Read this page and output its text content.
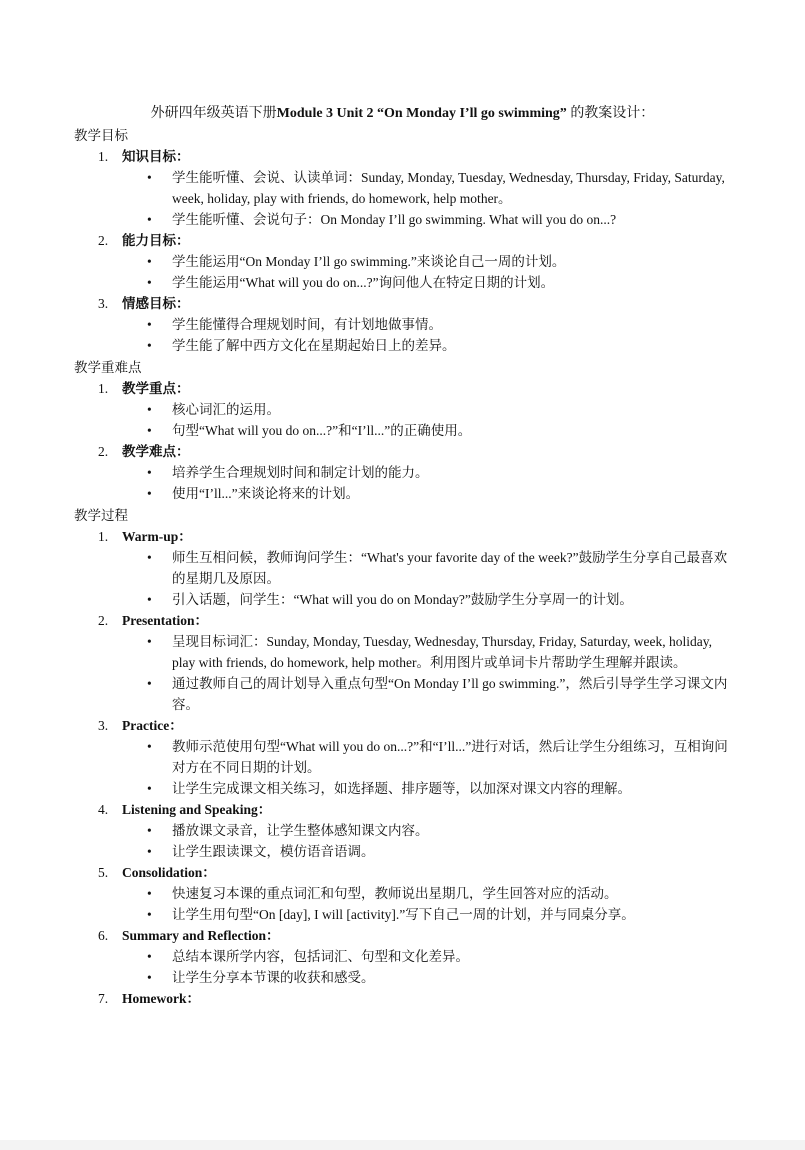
外研四年级英语下册Module 3 Unit 2 “On Monday I’ll go swimming” 的教案设计：
教学目标
1. 知识目标：
• 学生能听懂、会说、认读单词：Sunday, Monday, Tuesday, Wednesday, Thursday, Friday, Saturday, week, holiday, play with friends, do homework, help mother。
• 学生能听懂、会说句子：On Monday I’ll go swimming. What will you do on...?
2. 能力目标：
• 学生能运用“On Monday I’ll go swimming.”来谈论自己一周的计划。
• 学生能运用“What will you do on...?”询问他人在特定日期的计划。
3. 情感目标：
• 学生能懂得合理规划时间，有计划地做事情。
• 学生能了解中西方文化在星期起始日上的差异。
教学重难点
1. 教学重点：
• 核心词汇的运用。
• 句型“What will you do on...?”和“I’ll...”的正确使用。
2. 教学难点：
• 培养学生合理规划时间和制定计划的能力。
• 使用“I’ll...”来谈论将来的计划。
教学过程
1. Warm-up：
• 师生互相问候，教师询问学生：“What's your favorite day of the week?”鼓励学生分享自己最喜欢的星期几及原因。
• 引入话题，问学生：“What will you do on Monday?”鼓励学生分享周一的计划。
2. Presentation：
• 呈现目标词汇：Sunday, Monday, Tuesday, Wednesday, Thursday, Friday, Saturday, week, holiday, play with friends, do homework, help mother。利用图片或单词卡片帮助学生理解并跟读。
• 通过教师自己的周计划导入重点句型“On Monday I’ll go swimming.”，然后引导学生学习课文内容。
3. Practice：
• 教师示范使用句型“What will you do on...?”和“I’ll...”进行对话，然后让学生分组练习，互相询问对方在不同日期的计划。
• 让学生完成课文相关练习，如选择题、排序题等，以加深对课文内容的理解。
4. Listening and Speaking：
• 播放课文录音，让学生整体感知课文内容。
• 让学生跟读课文，模仿语音语调。
5. Consolidation：
• 快速复习本课的重点词汇和句型，教师说出星期几，学生回答对应的活动。
• 让学生用句型“On [day], I will [activity].”写下自己一周的计划，并与同桌分享。
6. Summary and Reflection：
• 总结本课所学内容，包括词汇、句型和文化差异。
• 让学生分享本节课的收获和感受。
7. Homework：
